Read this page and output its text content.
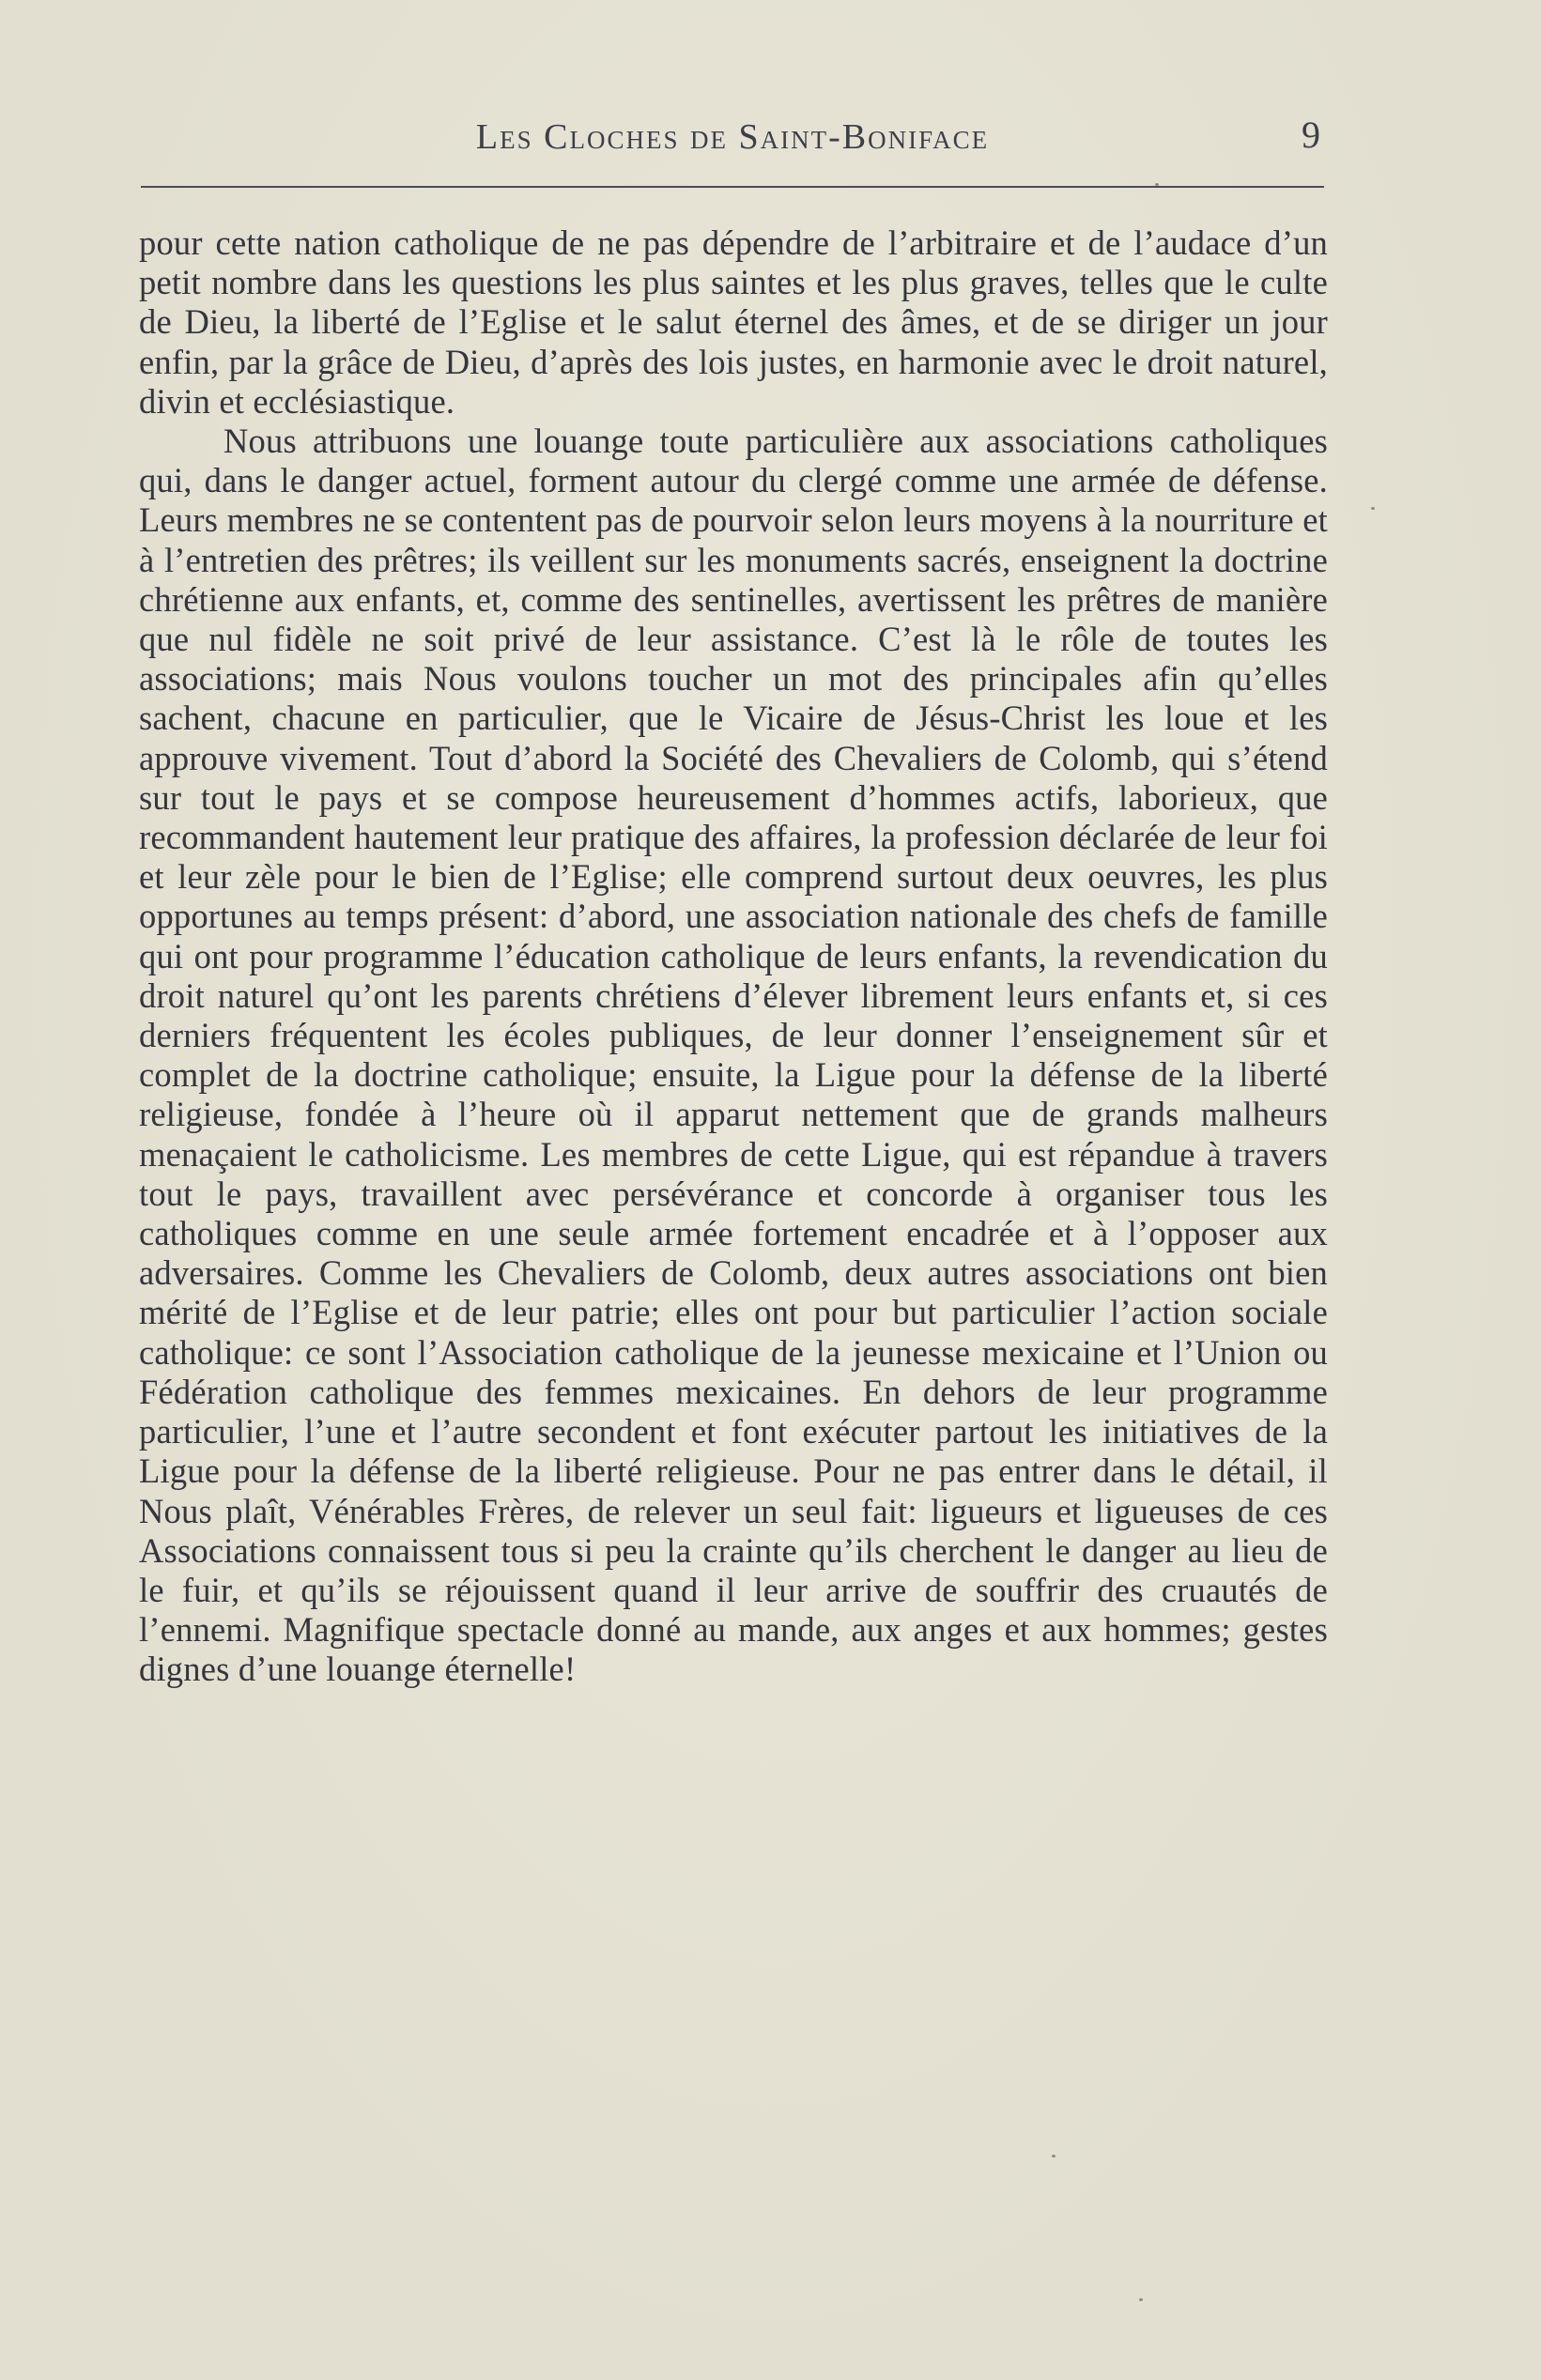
Les Cloches de Saint-Boniface	9

pour cette nation catholique de ne pas dépendre de l’arbitraire et de l’audace d’un petit nombre dans les questions les plus saintes et les plus graves, telles que le culte de Dieu, la liberté de l’Eglise et le salut éternel des âmes, et de se diriger un jour enfin, par la grâce de Dieu, d’après des lois justes, en harmonie avec le droit naturel, divin et ecclésiastique.

Nous attribuons une louange toute particulière aux associations catholiques qui, dans le danger actuel, forment autour du clergé comme une armée de défense. Leurs membres ne se contentent pas de pourvoir selon leurs moyens à la nourriture et à l’entretien des prêtres; ils veillent sur les monuments sacrés, enseignent la doctrine chrétienne aux enfants, et, comme des sentinelles, avertissent les prêtres de manière que nul fidèle ne soit privé de leur assistance. C’est là le rôle de toutes les associations; mais Nous voulons toucher un mot des principales afin qu’elles sachent, chacune en particulier, que le Vicaire de Jésus-Christ les loue et les approuve vivement. Tout d’abord la Société des Chevaliers de Colomb, qui s’étend sur tout le pays et se compose heureusement d’hommes actifs, laborieux, que recommandent hautement leur pratique des affaires, la profession déclarée de leur foi et leur zèle pour le bien de l’Eglise; elle comprend surtout deux oeuvres, les plus opportunes au temps présent: d’abord, une association nationale des chefs de famille qui ont pour programme l’éducation catholique de leurs enfants, la revendication du droit naturel qu’ont les parents chrétiens d’élever librement leurs enfants et, si ces derniers fréquentent les écoles publiques, de leur donner l’enseignement sûr et complet de la doctrine catholique; ensuite, la Ligue pour la défense de la liberté religieuse, fondée à l’heure où il apparut nettement que de grands malheurs menaçaient le catholicisme. Les membres de cette Ligue, qui est répandue à travers tout le pays, travaillent avec persévérance et concorde à organiser tous les catholiques comme en une seule armée fortement encadrée et à l’opposer aux adversaires. Comme les Chevaliers de Colomb, deux autres associations ont bien mérité de l’Eglise et de leur patrie; elles ont pour but particulier l’action sociale catholique: ce sont l’Association catholique de la jeunesse mexicaine et l’Union ou Fédération catholique des femmes mexicaines. En dehors de leur programme particulier, l’une et l’autre secondent et font exécuter partout les initiatives de la Ligue pour la défense de la liberté religieuse. Pour ne pas entrer dans le détail, il Nous plaît, Vénérables Frères, de relever un seul fait: ligueurs et ligueuses de ces Associations connaissent tous si peu la crainte qu’ils cherchent le danger au lieu de le fuir, et qu’ils se réjouissent quand il leur arrive de souffrir des cruautés de l’ennemi. Magnifique spectacle donné au mande, aux anges et aux hommes; gestes dignes d’une louange éternelle!
